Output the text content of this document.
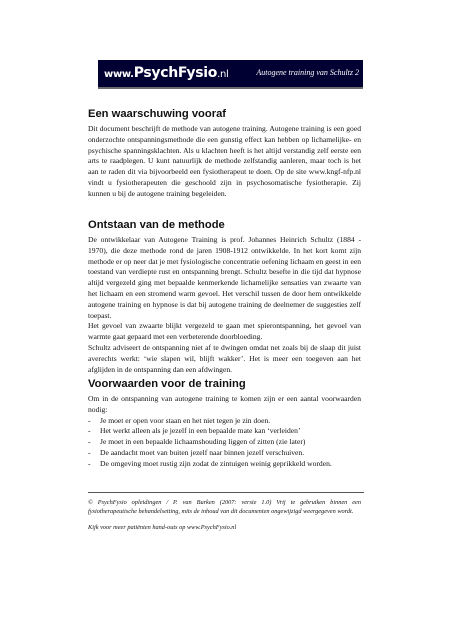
www.PsychFysio.nl	Autogene training van Schultz 2
Een waarschuwing vooraf

Dit document beschrijft de methode van autogene training. Autogene training is een goed onderzochte ontspanningsmethode die een gunstig effect kan hebben op lichamelijke- en psychische spanningsklachten. Als u klachten heeft is het altijd verstandig zelf eerste een arts te raadplegen. U kunt natuurlijk de methode zelfstandig aanleren, maar toch is het aan te raden dit via bijvoorbeeld een fysiotherapeut te doen. Op de site www.kngf-nfp.nl vindt u fysiotherapeuten die geschoold zijn in psychosomatische fysiotherapie. Zij kunnen u bij de autogene training begeleiden.

Ontstaan van de methode

De ontwikkelaar van Autogene Training is prof. Johannes Heinrich Schultz (1884 - 1970), die deze methode rond de jaren 1908-1912 ontwikkelde. In het kort komt zijn methode er op neer dat je met fysiologische concentratie oefening lichaam en geest in een toestand van verdiepte rust en ontspanning brengt. Schultz besefte in die tijd dat hypnose altijd vergezeld ging met bepaalde kenmerkende lichamelijke sensaties van zwaarte van het lichaam en een stromend warm gevoel. Het verschil tussen de door hem ontwikkelde autogene training en hypnose is dat bij autogene training de deelnemer de suggesties zelf toepast.

Het gevoel van zwaarte blijkt vergezeld te gaan met spierontspanning, het gevoel van warmte gaat gepaard met een verbeterende doorbloeding.

Schultz adviseert de ontspanning niet af te dwingen omdat net zoals bij de slaap dit juist averechts werkt: ‘wie slapen wil, blijft wakker’. Het is meer een toegeven aan het afglijden in de ontspanning dan een afdwingen.

Voorwaarden voor de training

Om in de ontspanning van autogene training te komen zijn er een aantal voorwaarden nodig:

- Je moet er open voor staan en het niet tegen je zin doen.
- Het werkt alleen als je jezelf in een bepaalde mate kan ‘verleiden’
- Je moet in een bepaalde lichaamshouding liggen of zitten (zie later)
- De aandacht moet van buiten jezelf naar binnen jezelf verschuiven.
- De omgeving moet rustig zijn zodat de zintuigen weinig geprikkeld worden.

© PsychFysio opleidingen / P. van Burken (2007: versie 1.0) Vrij te gebruiken binnen een fysiotherapeutische behandelsetting, mits de inhoud van dit documenten ongewijzigd weergegeven wordt.

Kijk voor meer patiënten hand-outs op www.PsychFysio.nl
